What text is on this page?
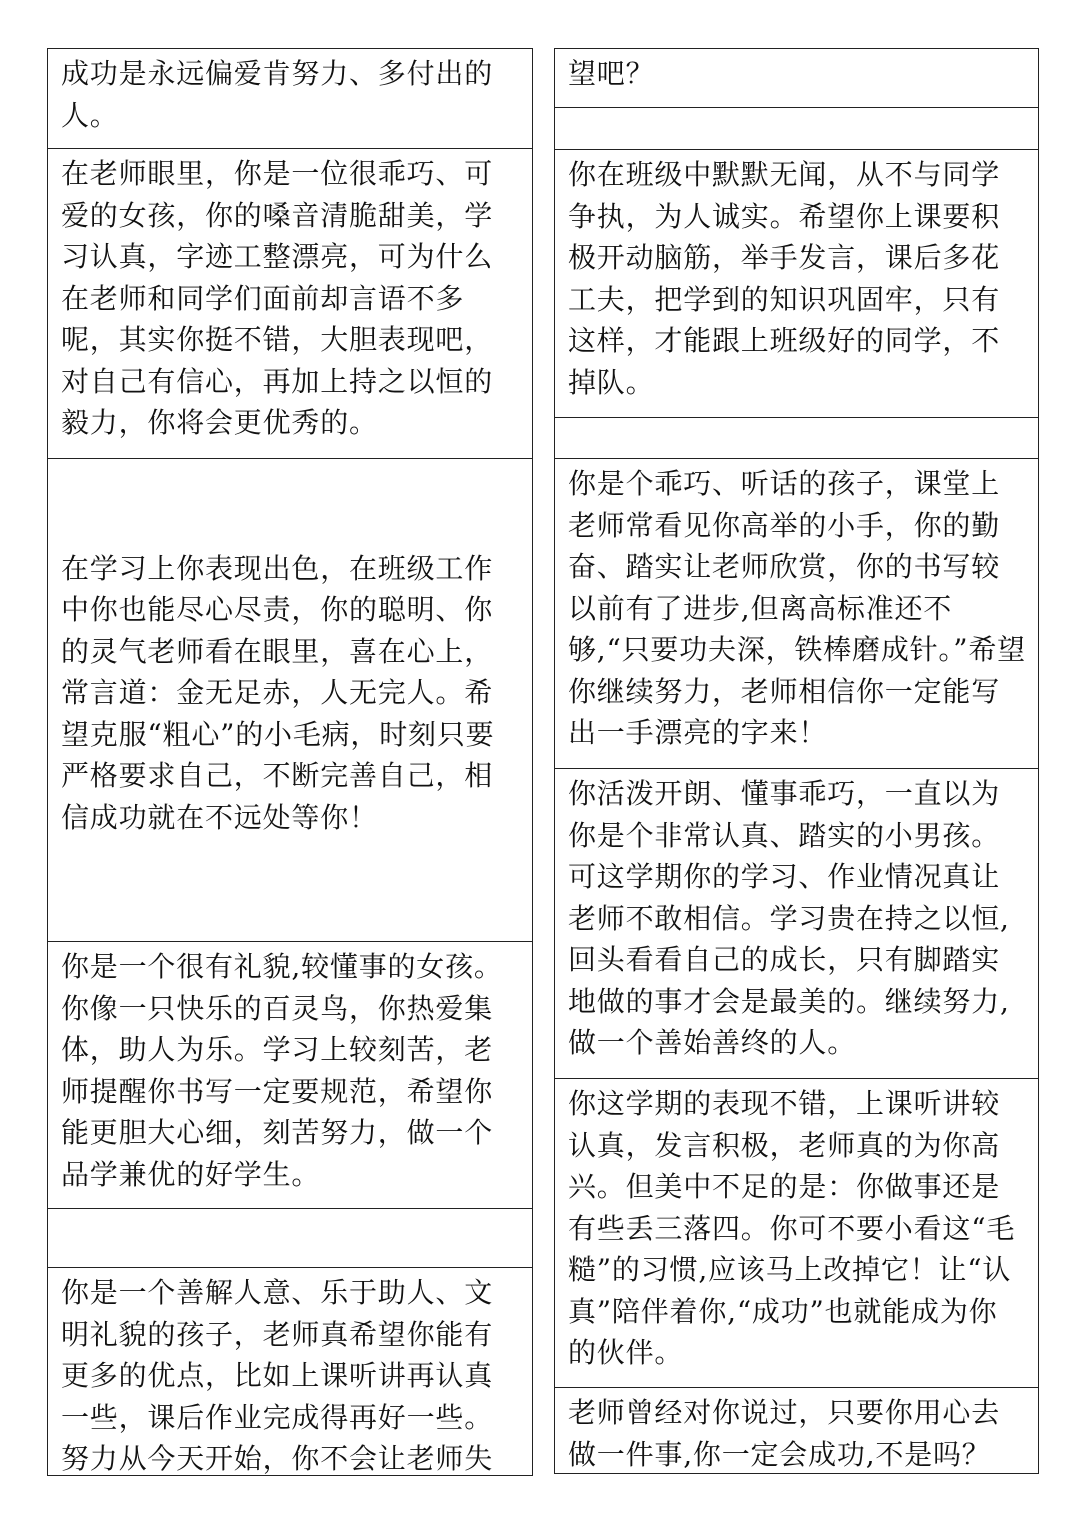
成功是永远偏爱肯努力、多付出的人。

在老师眼里，你是一位很乖巧、可爱的女孩，你的嗓音清脆甜美，学习认真，字迹工整漂亮，可为什么在老师和同学们面前却言语不多呢，其实你挺不错，大胆表现吧，对自己有信心，再加上持之以恒的毅力，你将会更优秀的。

在学习上你表现出色，在班级工作中你也能尽心尽责，你的聪明、你的灵气老师看在眼里，喜在心上，常言道：金无足赤，人无完人。希望克服“粗心”的小毛病，时刻只要严格要求自己，不断完善自己，相信成功就在不远处等你！

你是一个很有礼貌,较懂事的女孩。你像一只快乐的百灵鸟，你热爱集体，助人为乐。学习上较刻苦，老师提醒你书写一定要规范，希望你能更胆大心细，刻苦努力，做一个品学兼优的好学生。

你是一个善解人意、乐于助人、文明礼貌的孩子，老师真希望你能有更多的优点，比如上课听讲再认真一些，课后作业完成得再好一些。努力从今天开始，你不会让老师失

望吧？

你在班级中默默无闻，从不与同学争执，为人诚实。希望你上课要积极开动脑筋，举手发言，课后多花工夫，把学到的知识巩固牢，只有这样，才能跟上班级好的同学，不掉队。

你是个乖巧、听话的孩子，课堂上老师常看见你高举的小手，你的勤奋、踏实让老师欣赏，你的书写较以前有了进步,但离高标准还不够,“只要功夫深，铁棒磨成针。”希望你继续努力，老师相信你一定能写出一手漂亮的字来！

你活泼开朗、懂事乖巧，一直以为你是个非常认真、踏实的小男孩。可这学期你的学习、作业情况真让老师不敢相信。学习贵在持之以恒,回头看看自己的成长，只有脚踏实地做的事才会是最美的。继续努力,做一个善始善终的人。

你这学期的表现不错，上课听讲较认真，发言积极，老师真的为你高兴。但美中不足的是：你做事还是有些丢三落四。你可不要小看这“毛糙”的习惯,应该马上改掉它！让“认真”陪伴着你,“成功”也就能成为你的伙伴。

老师曾经对你说过，只要你用心去做一件事,你一定会成功,不是吗？
